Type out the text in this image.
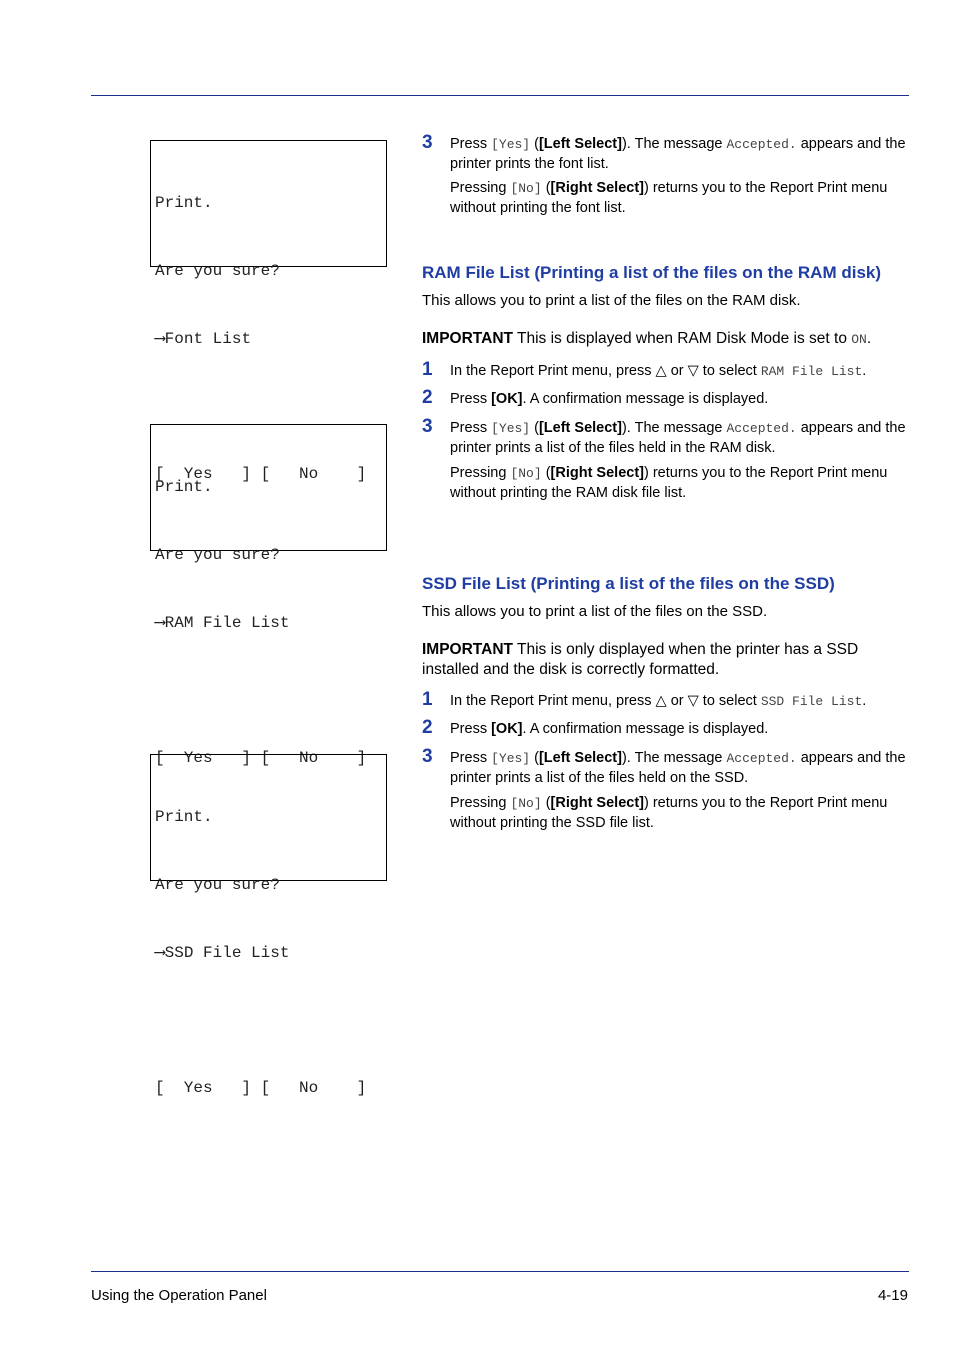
Print.

Are you sure?

⟶Font List

[  Yes   ] [   No    ]

Print.

Are you sure?

⟶RAM File List

[  Yes   ] [   No    ]

Print.

Are you sure?

⟶SSD File List

[  Yes   ] [   No    ]

3 Press [Yes] ([Left Select]). The message Accepted. appears and the printer prints the font list.
Pressing [No] ([Right Select]) returns you to the Report Print menu without printing the font list.
RAM File List (Printing a list of the files on the RAM disk)
This allows you to print a list of the files on the RAM disk.
IMPORTANT This is displayed when RAM Disk Mode is set to ON.
1 In the Report Print menu, press △ or ▽ to select RAM File List.
2 Press [OK]. A confirmation message is displayed.
3 Press [Yes] ([Left Select]). The message Accepted. appears and the printer prints a list of the files held in the RAM disk.
Pressing [No] ([Right Select]) returns you to the Report Print menu without printing the RAM disk file list.
SSD File List (Printing a list of the files on the SSD)
This allows you to print a list of the files on the SSD.
IMPORTANT This is only displayed when the printer has a SSD installed and the disk is correctly formatted.
1 In the Report Print menu, press △ or ▽ to select SSD File List.
2 Press [OK]. A confirmation message is displayed.
3 Press [Yes] ([Left Select]). The message Accepted. appears and the printer prints a list of the files held on the SSD.
Pressing [No] ([Right Select]) returns you to the Report Print menu without printing the SSD file list.
Using the Operation Panel	4-19
